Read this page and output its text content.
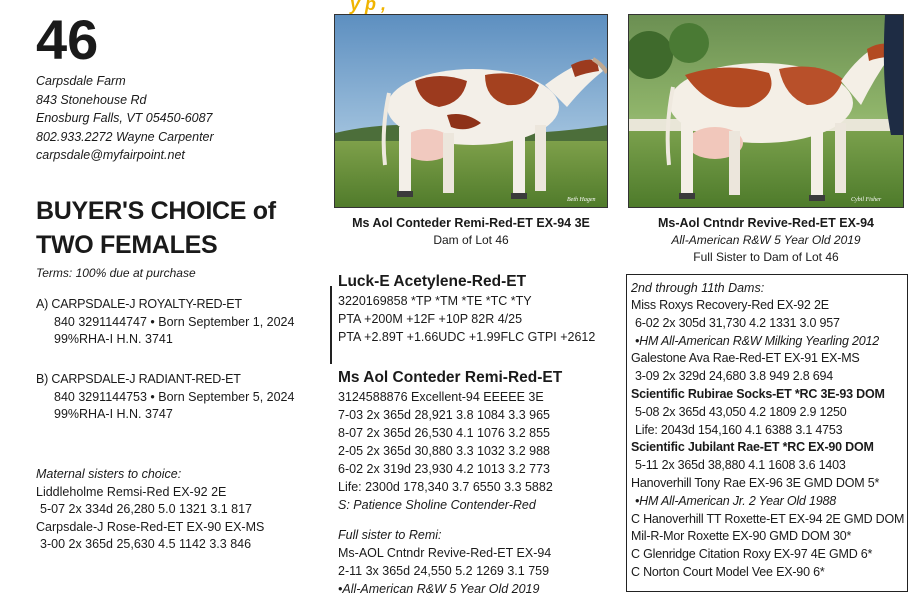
y p ,
46
Carpsdale Farm
843 Stonehouse Rd
Enosburg Falls, VT 05450-6087
802.933.2272 Wayne Carpenter
carpsdale@myfairpoint.net
BUYER'S CHOICE of
TWO FEMALES
Terms: 100% due at purchase
A) CARPSDALE-J ROYALTY-RED-ET
840 3291144747 • Born September 1, 2024
99%RHA-I H.N. 3741
B) CARPSDALE-J RADIANT-RED-ET
840 3291144753 • Born September 5, 2024
99%RHA-I H.N. 3747
Maternal sisters to choice:
Liddleholme Remsi-Red EX-92 2E
5-07 2x 334d 26,280 5.0 1321 3.1 817
Carpsdale-J Rose-Red-ET EX-90 EX-MS
3-00 2x 365d 25,630 4.5 1142 3.3 846
Beth Hagen
Ms Aol Conteder Remi-Red-ET EX-94 3E
Dam of Lot 46
Cybil Fisher
Ms-Aol Cntndr Revive-Red-ET EX-94
All-American R&W 5 Year Old 2019
Full Sister to Dam of Lot 46
Luck-E Acetylene-Red-ET
3220169858 *TP *TM *TE *TC *TY
PTA +200M +12F +10P 82R 4/25
PTA +2.89T +1.66UDC +1.99FLC GTPI +2612
Ms Aol Conteder Remi-Red-ET
3124588876 Excellent-94 EEEEE 3E
7-03 2x 365d 28,921 3.8 1084 3.3 965
8-07 2x 365d 26,530 4.1 1076 3.2 855
2-05 2x 365d 30,880 3.3 1032 3.2 988
6-02 2x 319d 23,930 4.2 1013 3.2 773
Life: 2300d 178,340 3.7 6550 3.3 5882
S: Patience Sholine Contender-Red
Full sister to Remi:
Ms-AOL Cntndr Revive-Red-ET EX-94
2-11 3x 365d 24,550 5.2 1269 3.1 759
•All-American R&W 5 Year Old 2019
2nd through 11th Dams:
Miss Roxys Recovery-Red EX-92 2E
6-02 2x 305d 31,730 4.2 1331 3.0 957
•HM All-American R&W Milking Yearling 2012
Galestone Ava Rae-Red-ET EX-91 EX-MS
3-09 2x 329d 24,680 3.8 949 2.8 694
Scientific Rubirae Socks-ET *RC 3E-93 DOM
5-08 2x 365d 43,050 4.2 1809 2.9 1250
Life: 2043d 154,160 4.1 6388 3.1 4753
Scientific Jubilant Rae-ET *RC EX-90 DOM
5-11 2x 365d 38,880 4.1 1608 3.6 1403
Hanoverhill Tony Rae EX-96 3E GMD DOM 5*
•HM All-American Jr. 2 Year Old 1988
C Hanoverhill TT Roxette-ET EX-94 2E GMD DOM
Mil-R-Mor Roxette EX-90 GMD DOM 30*
C Glenridge Citation Roxy EX-97 4E GMD 6*
C Norton Court Model Vee EX-90 6*
